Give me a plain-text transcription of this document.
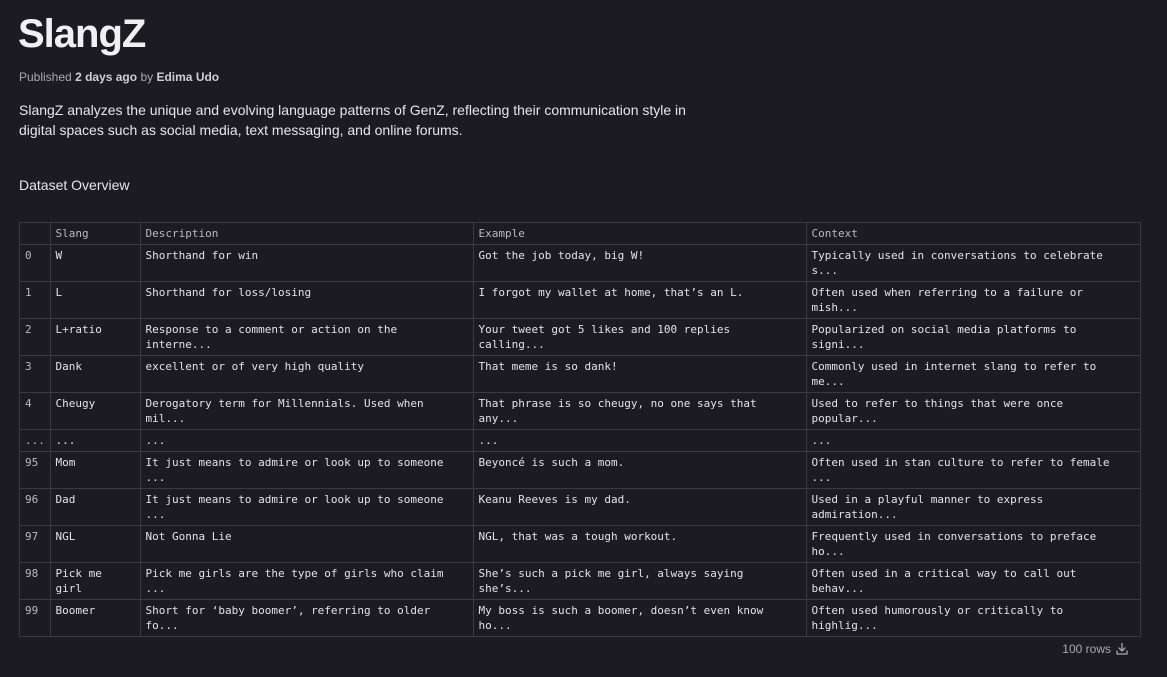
SlangZ
Published 2 days ago by Edima Udo
SlangZ analyzes the unique and evolving language patterns of GenZ, reflecting their communication style in digital spaces such as social media, text messaging, and online forums.
Dataset Overview
	Slang	Description	Example	Context
0	W	Shorthand for win	Got the job today, big W!	Typically used in conversations to celebrate s...
1	L	Shorthand for loss/losing	I forgot my wallet at home, that’s an L.	Often used when referring to a failure or mish...
2	L+ratio	Response to a comment or action on the interne...	Your tweet got 5 likes and 100 replies calling...	Popularized on social media platforms to signi...
3	Dank	excellent or of very high quality	That meme is so dank!	Commonly used in internet slang to refer to me...
4	Cheugy	Derogatory term for Millennials. Used when mil...	That phrase is so cheugy, no one says that any...	Used to refer to things that were once popular...
...	...	...	...	...
95	Mom	It just means to admire or look up to someone ...	Beyoncé is such a mom.	Often used in stan culture to refer to female ...
96	Dad	It just means to admire or look up to someone ...	Keanu Reeves is my dad.	Used in a playful manner to express admiration...
97	NGL	Not Gonna Lie	NGL, that was a tough workout.	Frequently used in conversations to preface ho...
98	Pick me girl	Pick me girls are the type of girls who claim ...	She’s such a pick me girl, always saying she’s...	Often used in a critical way to call out behav...
99	Boomer	Short for ‘baby boomer’, referring to older fo...	My boss is such a boomer, doesn’t even know ho...	Often used humorously or critically to highlig...
100 rows
